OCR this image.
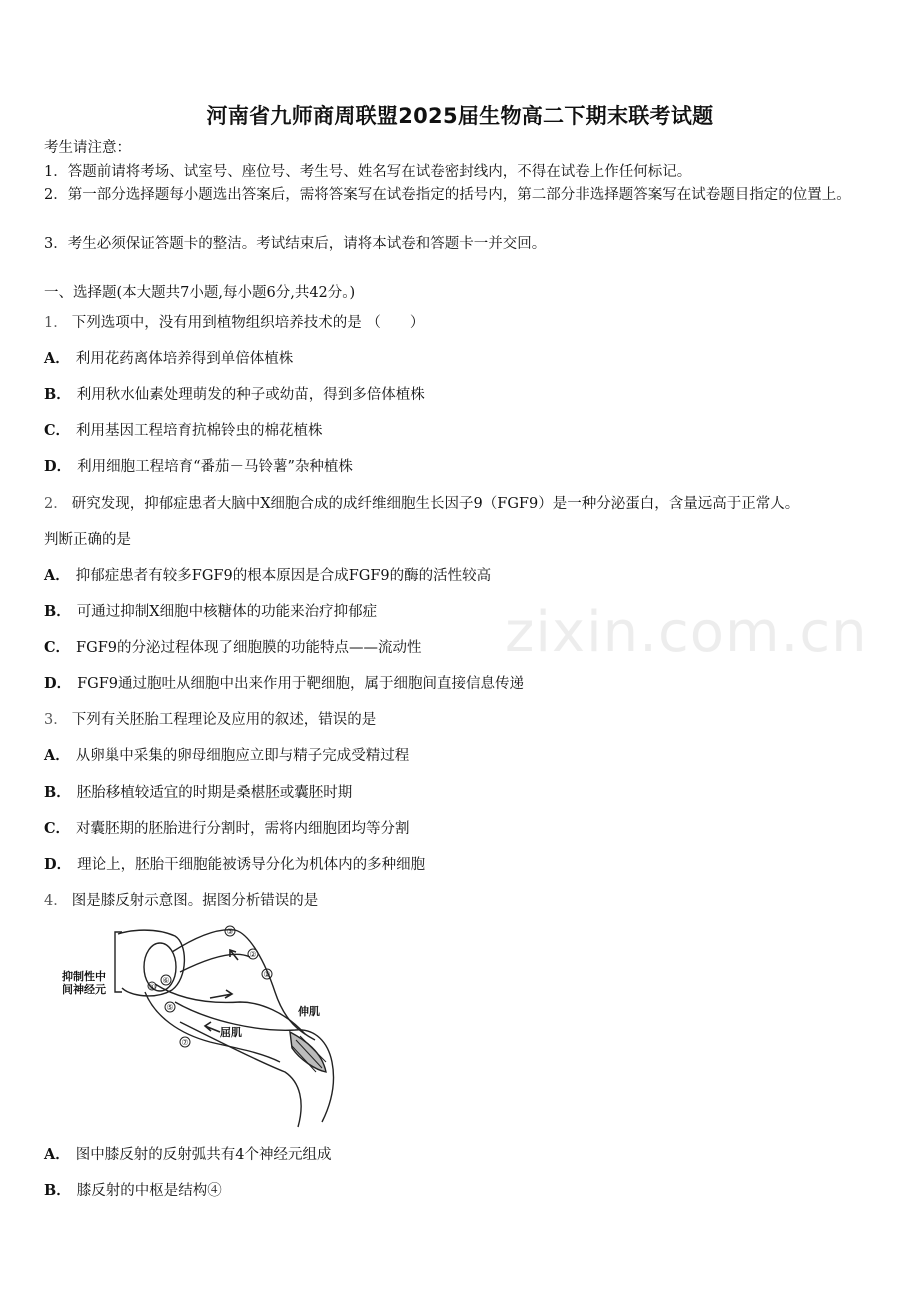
河南省九师商周联盟2025届生物高二下期末联考试题
考生请注意：
1．答题前请将考场、试室号、座位号、考生号、姓名写在试卷密封线内，不得在试卷上作任何标记。
2．第一部分选择题每小题选出答案后，需将答案写在试卷指定的括号内，第二部分非选择题答案写在试卷题目指定的位置上。
3．考生必须保证答题卡的整洁。考试结束后，请将本试卷和答题卡一并交回。
一、选择题(本大题共7小题,每小题6分,共42分。)
1． 下列选项中，没有用到植物组织培养技术的是 （　　）
A． 利用花药离体培养得到单倍体植株
B． 利用秋水仙素处理萌发的种子或幼苗，得到多倍体植株
C． 利用基因工程培育抗棉铃虫的棉花植株
D． 利用细胞工程培育“番茄－马铃薯”杂种植株
2． 研究发现，抑郁症患者大脑中X细胞合成的成纤维细胞生长因子9（FGF9）是一种分泌蛋白，含量远高于正常人。
判断正确的是
A． 抑郁症患者有较多FGF9的根本原因是合成FGF9的酶的活性较高
B． 可通过抑制X细胞中核糖体的功能来治疗抑郁症
C． FGF9的分泌过程体现了细胞膜的功能特点——流动性
D． FGF9通过胞吐从细胞中出来作用于靶细胞，属于细胞间直接信息传递
3． 下列有关胚胎工程理论及应用的叙述，错误的是
A． 从卵巢中采集的卵母细胞应立即与精子完成受精过程
B． 胚胎移植较适宜的时期是桑椹胚或囊胚时期
C． 对囊胚期的胚胎进行分割时，需将内细胞团均等分割
D． 理论上，胚胎干细胞能被诱导分化为机体内的多种细胞
4． 图是膝反射示意图。据图分析错误的是
③
②
①
⑥
⑤
⑦
④
抑制性中
间神经元
伸肌
屈肌
A． 图中膝反射的反射弧共有4个神经元组成
B． 膝反射的中枢是结构④
zixin.com.cn
